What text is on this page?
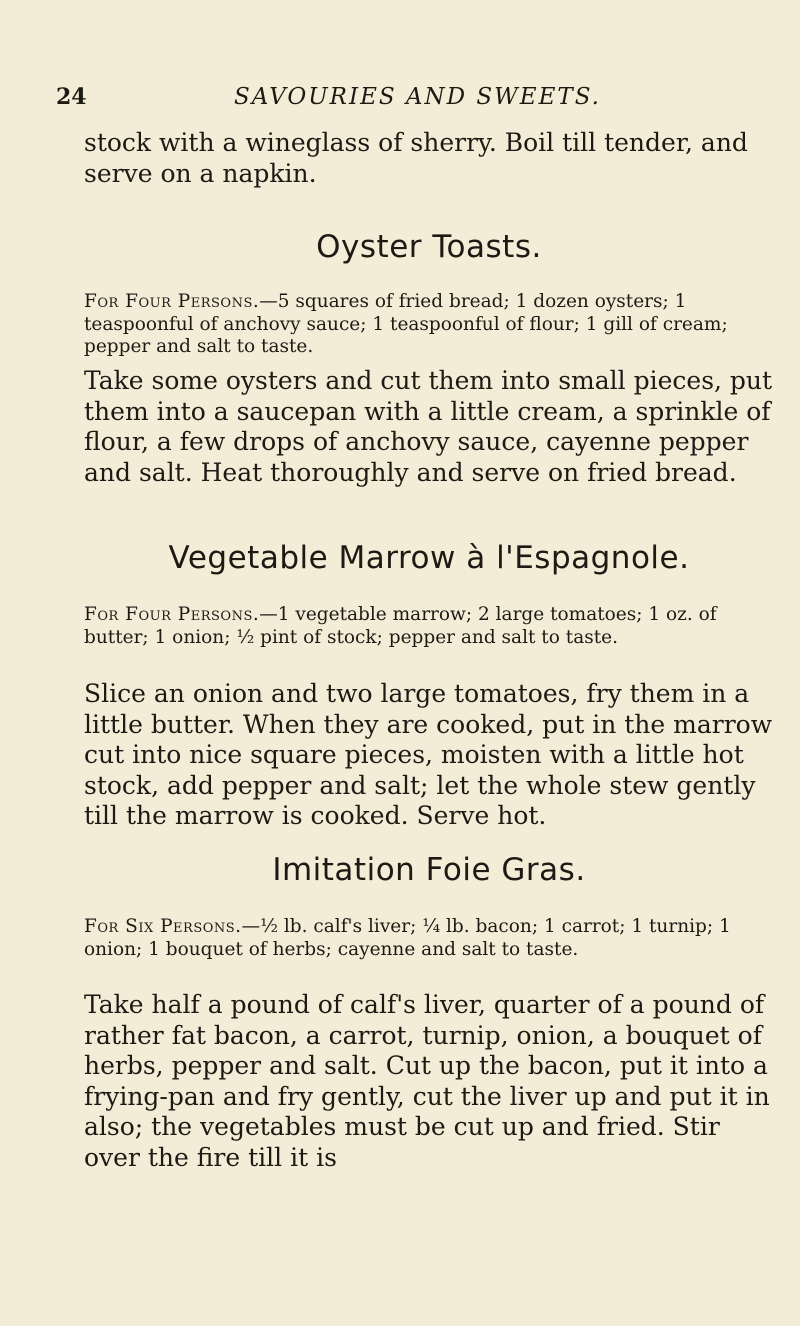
24	SAVOURIES AND SWEETS.
stock with a wineglass of sherry. Boil till tender, and serve on a napkin.
Oyster Toasts.
For Four Persons.—5 squares of fried bread; 1 dozen oysters; 1 teaspoonful of anchovy sauce; 1 teaspoonful of flour; 1 gill of cream; pepper and salt to taste.
Take some oysters and cut them into small pieces, put them into a saucepan with a little cream, a sprinkle of flour, a few drops of anchovy sauce, cayenne pepper and salt. Heat thoroughly and serve on fried bread.
Vegetable Marrow à l'Espagnole.
For Four Persons.—1 vegetable marrow; 2 large tomatoes; 1 oz. of butter; 1 onion; ½ pint of stock; pepper and salt to taste.
Slice an onion and two large tomatoes, fry them in a little butter. When they are cooked, put in the marrow cut into nice square pieces, moisten with a little hot stock, add pepper and salt; let the whole stew gently till the marrow is cooked. Serve hot.
Imitation Foie Gras.
For Six Persons.—½ lb. calf's liver; ¼ lb. bacon; 1 carrot; 1 turnip; 1 onion; 1 bouquet of herbs; cayenne and salt to taste.
Take half a pound of calf's liver, quarter of a pound of rather fat bacon, a carrot, turnip, onion, a bouquet of herbs, pepper and salt. Cut up the bacon, put it into a frying-pan and fry gently, cut the liver up and put it in also; the vegetables must be cut up and fried. Stir over the fire till it is
